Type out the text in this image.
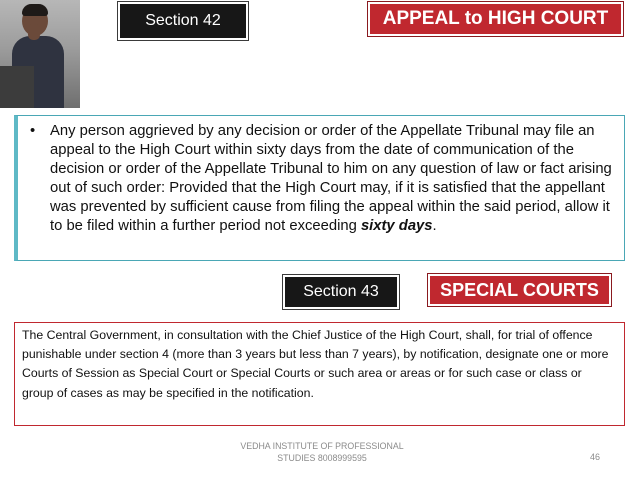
Section 42	APPEAL to HIGH COURT
• Any person aggrieved by any decision or order of the Appellate Tribunal may file an appeal to the High Court within sixty days from the date of communication of the decision or order of the Appellate Tribunal to him on any question of law or fact arising out of such order: Provided that the High Court may, if it is satisfied that the appellant was prevented by sufficient cause from filing the appeal within the said period, allow it to be filed within a further period not exceeding sixty days.
Section 43	SPECIAL COURTS
The Central Government, in consultation with the Chief Justice of the High Court, shall, for trial of offence punishable under section 4 (more than 3 years but less than 7 years), by notification, designate one or more Courts of Session as Special Court or Special Courts or such area or areas or for such case or class or group of cases as may be specified in the notification.
VEDHA INSTITUTE OF PROFESSIONAL
STUDIES 8008999595	46
